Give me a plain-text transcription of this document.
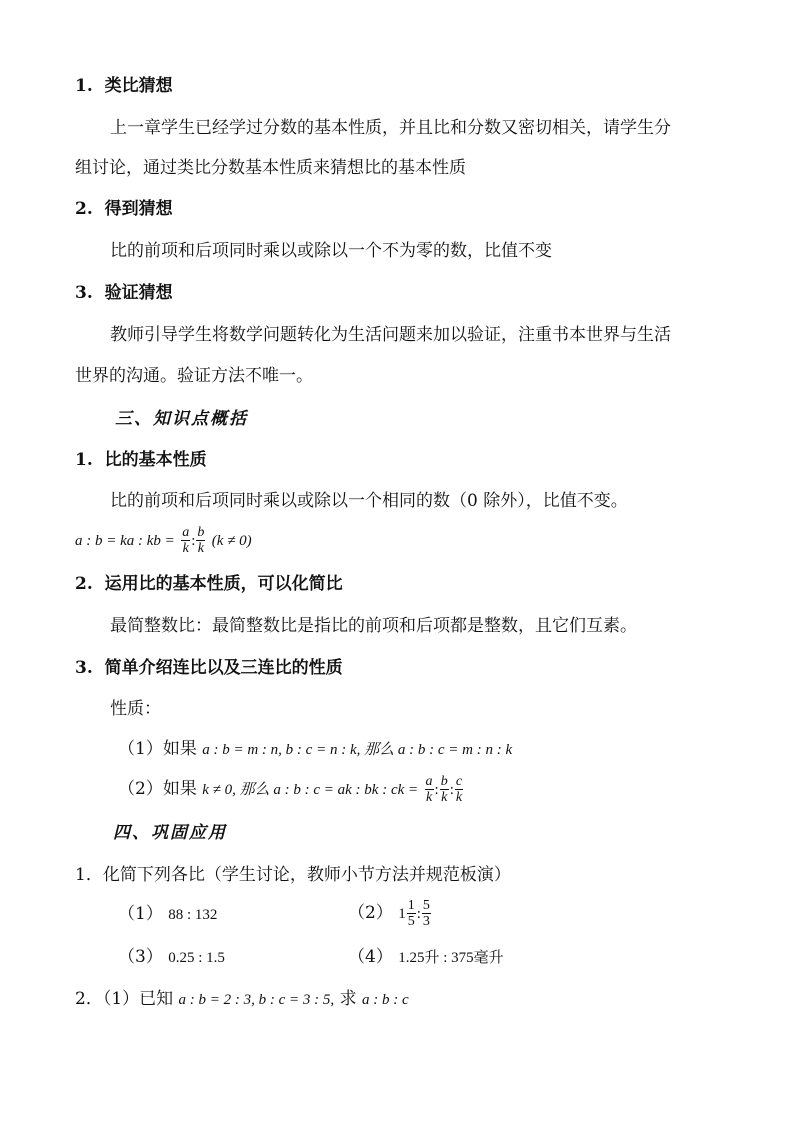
1. 类比猜想
上一章学生已经学过分数的基本性质，并且比和分数又密切相关，请学生分
组讨论，通过类比分数基本性质来猜想比的基本性质
2. 得到猜想
比的前项和后项同时乘以或除以一个不为零的数，比值不变
3. 验证猜想
教师引导学生将数学问题转化为生活问题来加以验证，注重书本世界与生活
世界的沟通。验证方法不唯一。
三、知识点概括
1. 比的基本性质
比的前项和后项同时乘以或除以一个相同的数（0 除外），比值不变。
a : b = ka : kb = $\frac{a}{k}$ : $\frac{b}{k} (k \ne 0)$
2. 运用比的基本性质，可以化简比
最简整数比：最简整数比是指比的前项和后项都是整数，且它们互素。
3. 简单介绍连比以及三连比的性质
性质：
（1）如果 a : b = m : n, b : c = n : k, 那么 a : b : c = m : n : k
（2）如果 k ≠ 0, 那么 a : b : c = ak : bk : ck = $\frac{a}{k}$ : $\frac{b}{k}$ : $\frac{c}{k}$
四、巩固应用
1．化简下列各比（学生讨论，教师小节方法并规范板演）
（1） 88 : 132	（2） $1 \frac{1}{5}$ : $\frac{5}{3}$
（3） 0.25 : 1.5	（4） 1.25升 : 375毫升
2．（1）已知 a : b = 2 : 3, b : c = 3 : 5, 求 a : b : c
